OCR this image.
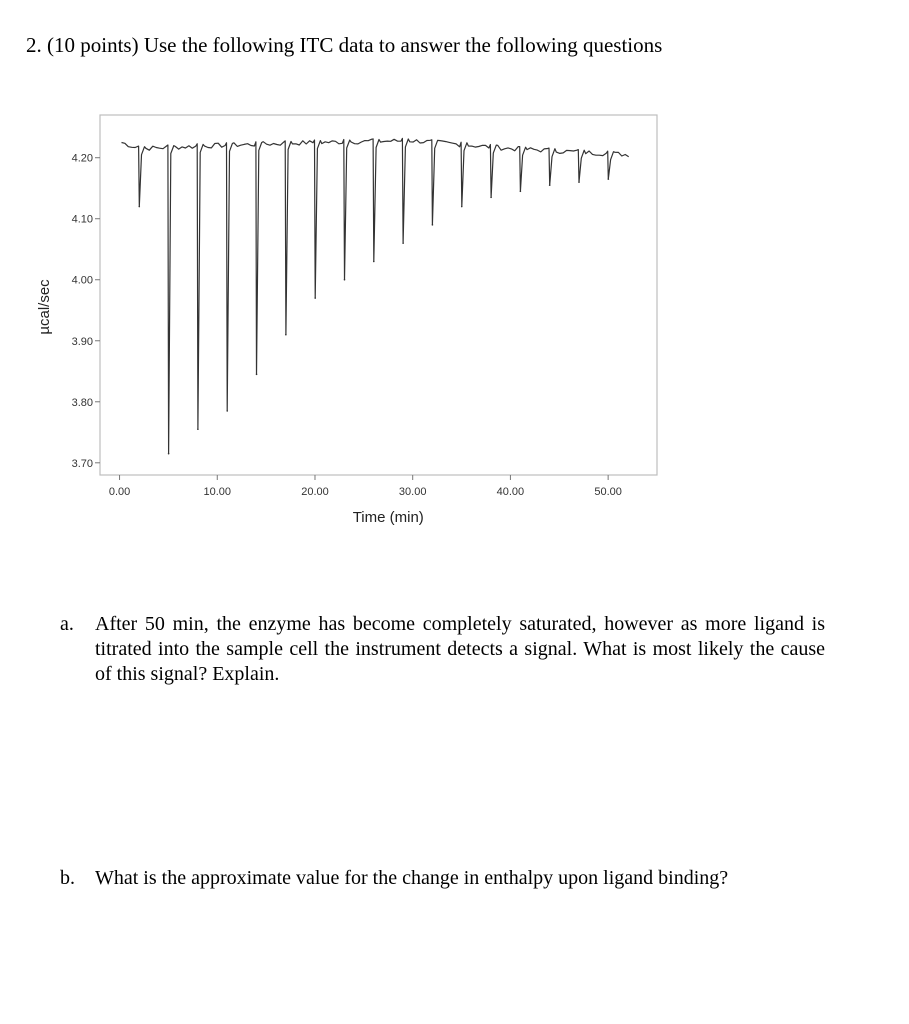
2. (10 points) Use the following ITC data to answer the following questions
4.20
4.10
4.00
3.90
3.80
3.70
0.00	10.00	20.00	30.00	40.00	50.00
Time (min)
µcal/sec
a.	After 50 min, the enzyme has become completely saturated, however as more ligand is titrated into the sample cell the instrument detects a signal. What is most likely the cause of this signal? Explain.
b.	What is the approximate value for the change in enthalpy upon ligand binding?
